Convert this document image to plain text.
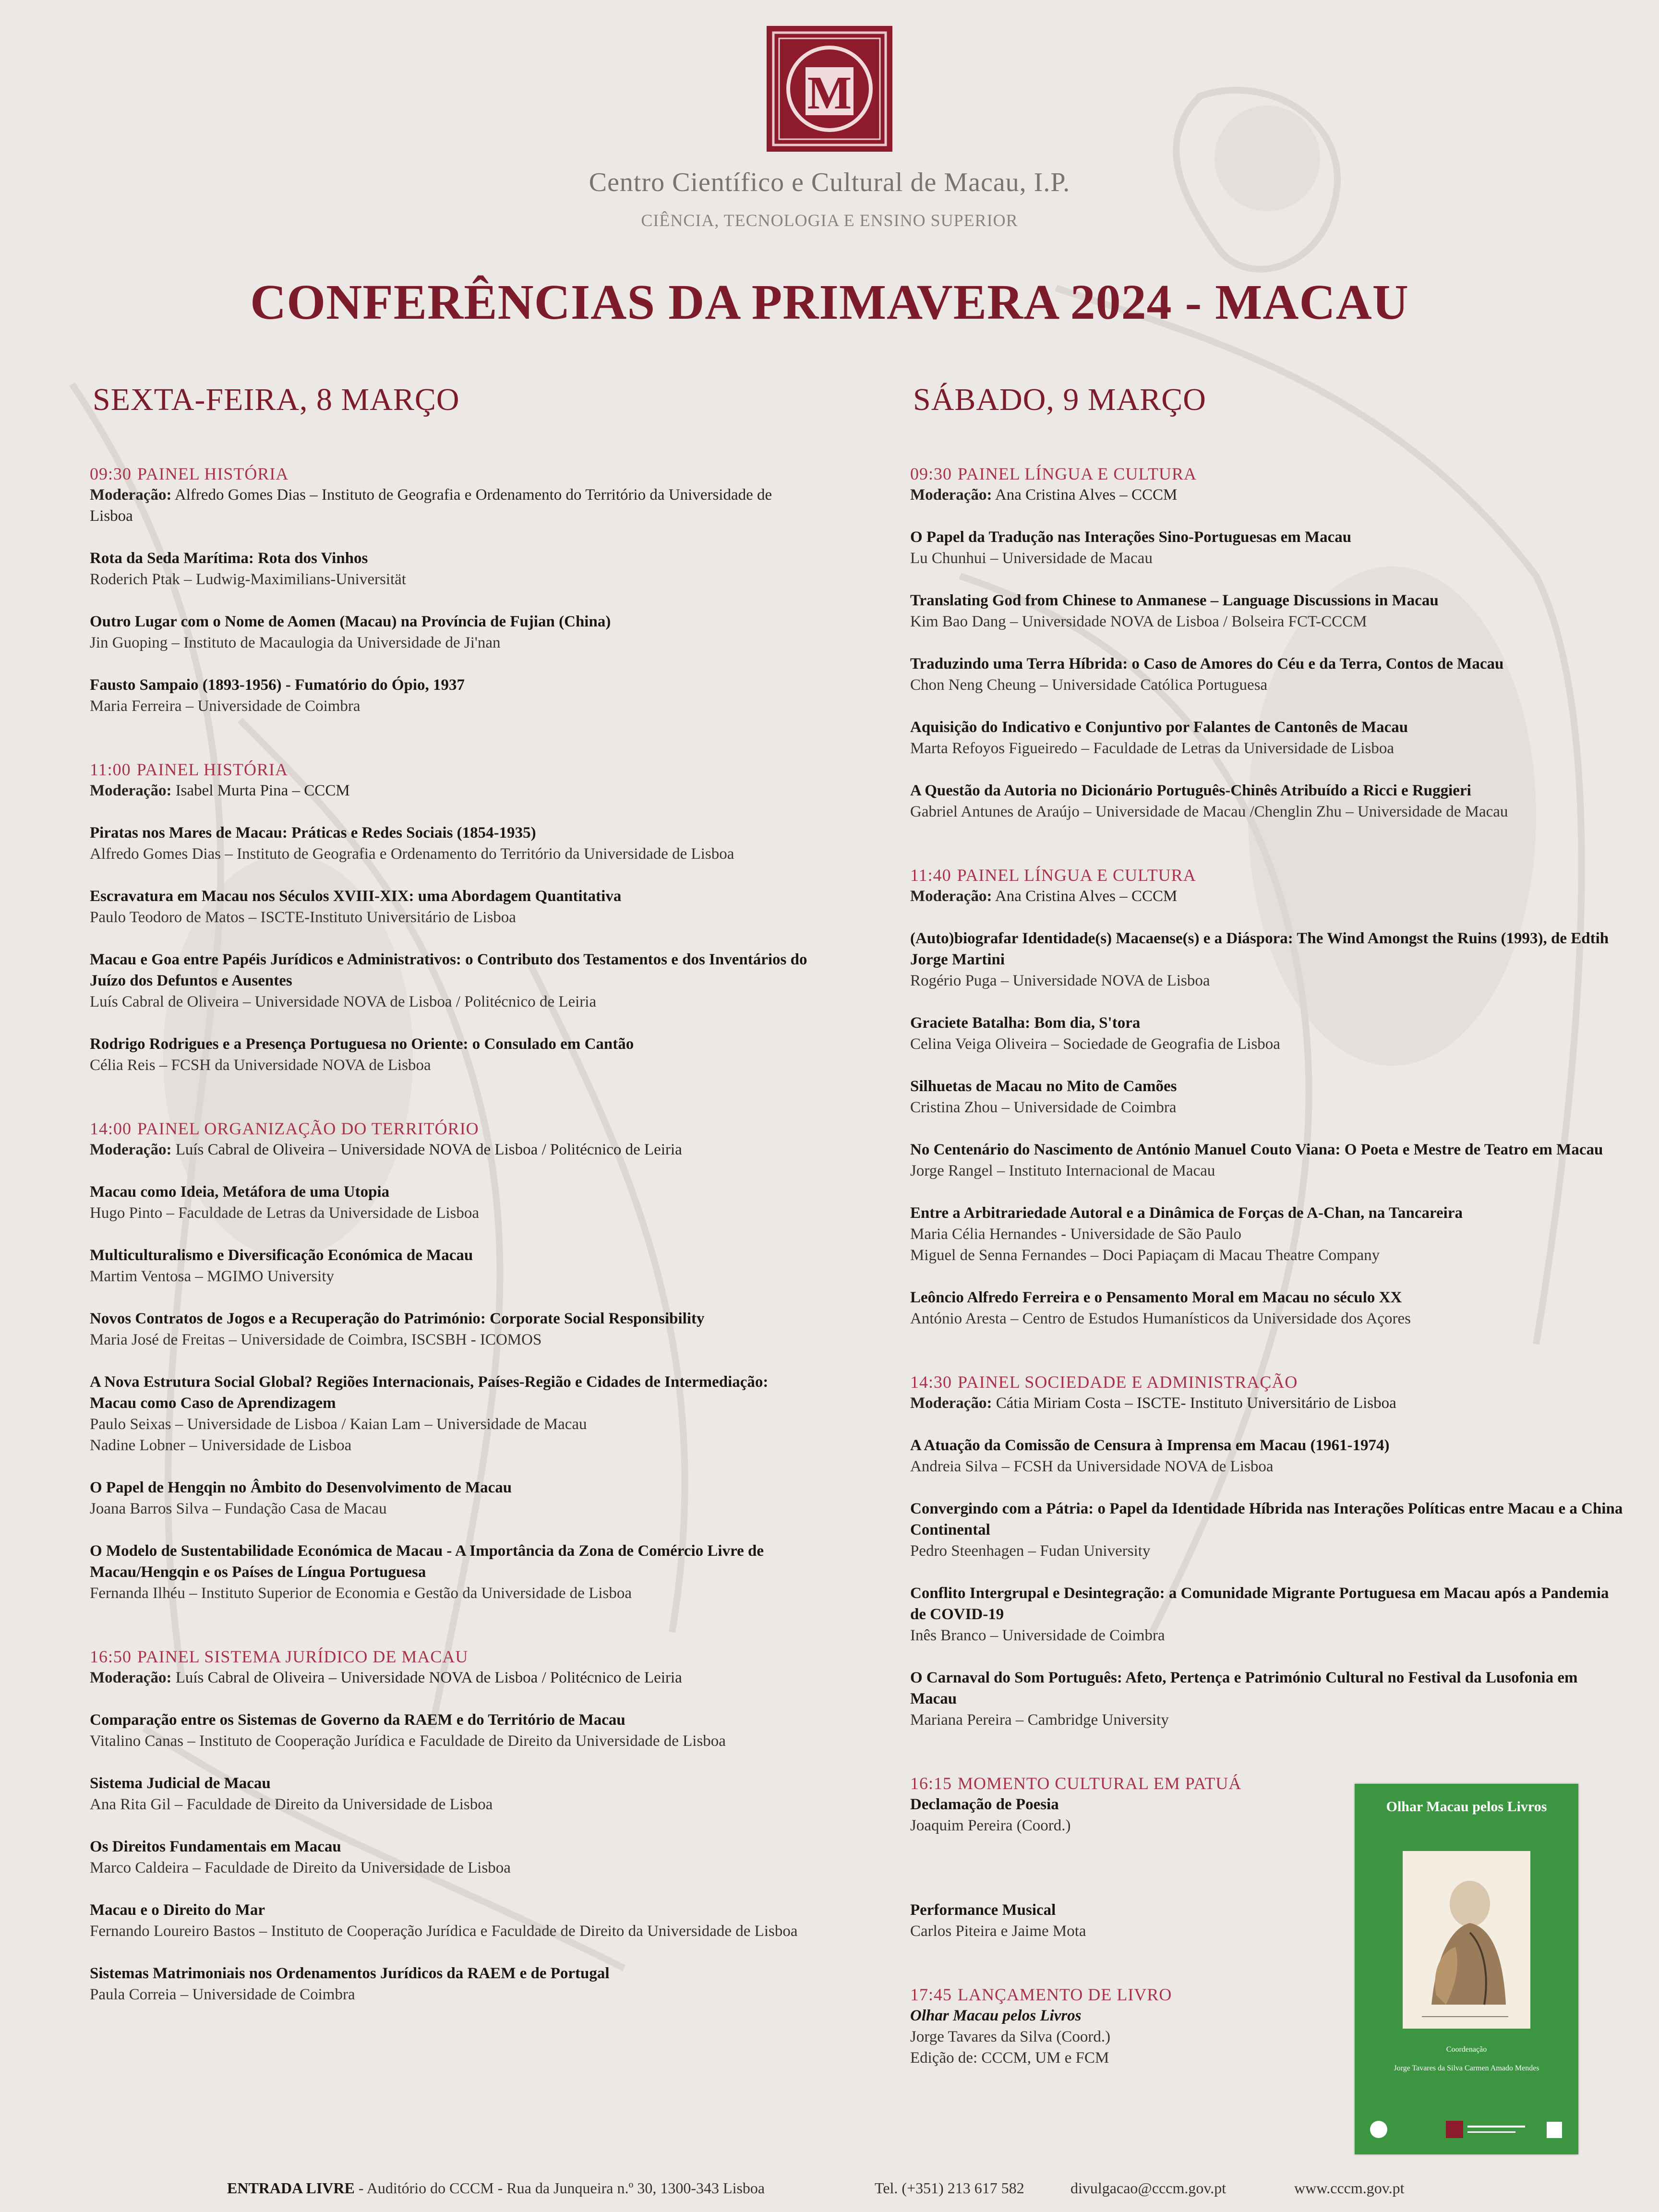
M
Centro Científico e Cultural de Macau, I.P.
CIÊNCIA, TECNOLOGIA E ENSINO SUPERIOR
CONFERÊNCIAS DA PRIMAVERA 2024 - MACAU
SEXTA-FEIRA, 8 MARÇO	SÁBADO, 9 MARÇO
09:30 PAINEL HISTÓRIA
Moderação: Alfredo Gomes Dias – Instituto de Geografia e Ordenamento do Território da Universidade de Lisboa
Rota da Seda Marítima: Rota dos Vinhos
Roderich Ptak – Ludwig-Maximilians-Universität
Outro Lugar com o Nome de Aomen (Macau) na Província de Fujian (China)
Jin Guoping – Instituto de Macaulogia da Universidade de Ji'nan
Fausto Sampaio (1893-1956) - Fumatório do Ópio, 1937
Maria Ferreira – Universidade de Coimbra
11:00 PAINEL HISTÓRIA
Moderação: Isabel Murta Pina – CCCM
Piratas nos Mares de Macau: Práticas e Redes Sociais (1854-1935)
Alfredo Gomes Dias – Instituto de Geografia e Ordenamento do Território da Universidade de Lisboa
Escravatura em Macau nos Séculos XVIII-XIX: uma Abordagem Quantitativa
Paulo Teodoro de Matos – ISCTE-Instituto Universitário de Lisboa
Macau e Goa entre Papéis Jurídicos e Administrativos: o Contributo dos Testamentos e dos Inventários do Juízo dos Defuntos e Ausentes
Luís Cabral de Oliveira – Universidade NOVA de Lisboa / Politécnico de Leiria
Rodrigo Rodrigues e a Presença Portuguesa no Oriente: o Consulado em Cantão
Célia Reis – FCSH da Universidade NOVA de Lisboa
14:00 PAINEL ORGANIZAÇÃO DO TERRITÓRIO
Moderação: Luís Cabral de Oliveira – Universidade NOVA de Lisboa / Politécnico de Leiria
Macau como Ideia, Metáfora de uma Utopia
Hugo Pinto – Faculdade de Letras da Universidade de Lisboa
Multiculturalismo e Diversificação Económica de Macau
Martim Ventosa – MGIMO University
Novos Contratos de Jogos e a Recuperação do Património: Corporate Social Responsibility
Maria José de Freitas – Universidade de Coimbra, ISCSBH - ICOMOS
A Nova Estrutura Social Global? Regiões Internacionais, Países-Região e Cidades de Intermediação: Macau como Caso de Aprendizagem
Paulo Seixas – Universidade de Lisboa / Kaian Lam – Universidade de Macau
Nadine Lobner – Universidade de Lisboa
O Papel de Hengqin no Âmbito do Desenvolvimento de Macau
Joana Barros Silva – Fundação Casa de Macau
O Modelo de Sustentabilidade Económica de Macau - A Importância da Zona de Comércio Livre de Macau/Hengqin e os Países de Língua Portuguesa
Fernanda Ilhéu – Instituto Superior de Economia e Gestão da Universidade de Lisboa
16:50 PAINEL SISTEMA JURÍDICO DE MACAU
Moderação: Luís Cabral de Oliveira – Universidade NOVA de Lisboa / Politécnico de Leiria
Comparação entre os Sistemas de Governo da RAEM e do Território de Macau
Vitalino Canas – Instituto de Cooperação Jurídica e Faculdade de Direito da Universidade de Lisboa
Sistema Judicial de Macau
Ana Rita Gil – Faculdade de Direito da Universidade de Lisboa
Os Direitos Fundamentais em Macau
Marco Caldeira – Faculdade de Direito da Universidade de Lisboa
Macau e o Direito do Mar
Fernando Loureiro Bastos – Instituto de Cooperação Jurídica e Faculdade de Direito da Universidade de Lisboa
Sistemas Matrimoniais nos Ordenamentos Jurídicos da RAEM e de Portugal
Paula Correia – Universidade de Coimbra
09:30 PAINEL LÍNGUA E CULTURA
Moderação: Ana Cristina Alves – CCCM
O Papel da Tradução nas Interações Sino-Portuguesas em Macau
Lu Chunhui – Universidade de Macau
Translating God from Chinese to Anmanese – Language Discussions in Macau
Kim Bao Dang – Universidade NOVA de Lisboa / Bolseira FCT-CCCM
Traduzindo uma Terra Híbrida: o Caso de Amores do Céu e da Terra, Contos de Macau
Chon Neng Cheung – Universidade Católica Portuguesa
Aquisição do Indicativo e Conjuntivo por Falantes de Cantonês de Macau
Marta Refoyos Figueiredo – Faculdade de Letras da Universidade de Lisboa
A Questão da Autoria no Dicionário Português-Chinês Atribuído a Ricci e Ruggieri
Gabriel Antunes de Araújo – Universidade de Macau /Chenglin Zhu – Universidade de Macau
11:40 PAINEL LÍNGUA E CULTURA
Moderação: Ana Cristina Alves – CCCM
(Auto)biografar Identidade(s) Macaense(s) e a Diáspora: The Wind Amongst the Ruins (1993), de Edtih Jorge Martini
Rogério Puga – Universidade NOVA de Lisboa
Graciete Batalha: Bom dia, S'tora
Celina Veiga Oliveira – Sociedade de Geografia de Lisboa
Silhuetas de Macau no Mito de Camões
Cristina Zhou – Universidade de Coimbra
No Centenário do Nascimento de António Manuel Couto Viana: O Poeta e Mestre de Teatro em Macau
Jorge Rangel – Instituto Internacional de Macau
Entre a Arbitrariedade Autoral e a Dinâmica de Forças de A-Chan, na Tancareira
Maria Célia Hernandes - Universidade de São Paulo
Miguel de Senna Fernandes – Doci Papiaçam di Macau Theatre Company
Leôncio Alfredo Ferreira e o Pensamento Moral em Macau no século XX
António Aresta – Centro de Estudos Humanísticos da Universidade dos Açores
14:30 PAINEL SOCIEDADE E ADMINISTRAÇÃO
Moderação: Cátia Miriam Costa – ISCTE- Instituto Universitário de Lisboa
A Atuação da Comissão de Censura à Imprensa em Macau (1961-1974)
Andreia Silva – FCSH da Universidade NOVA de Lisboa
Convergindo com a Pátria: o Papel da Identidade Híbrida nas Interações Políticas entre Macau e a China Continental
Pedro Steenhagen – Fudan University
Conflito Intergrupal e Desintegração: a Comunidade Migrante Portuguesa em Macau após a Pandemia de COVID-19
Inês Branco – Universidade de Coimbra
O Carnaval do Som Português: Afeto, Pertença e Património Cultural no Festival da Lusofonia em Macau
Mariana Pereira – Cambridge University
16:15 MOMENTO CULTURAL EM PATUÁ
Declamação de Poesia
Joaquim Pereira (Coord.)
Performance Musical
Carlos Piteira e Jaime Mota
17:45 LANÇAMENTO DE LIVRO
Olhar Macau pelos Livros
Jorge Tavares da Silva (Coord.)
Edição de: CCCM, UM e FCM
Olhar Macau pelos Livros
Coordenação
Jorge Tavares da Silva Carmen Amado Mendes
ENTRADA LIVRE - Auditório do CCCM - Rua da Junqueira n.º 30, 1300-343 Lisboa	Tel. (+351) 213 617 582	divulgacao@cccm.gov.pt	www.cccm.gov.pt
